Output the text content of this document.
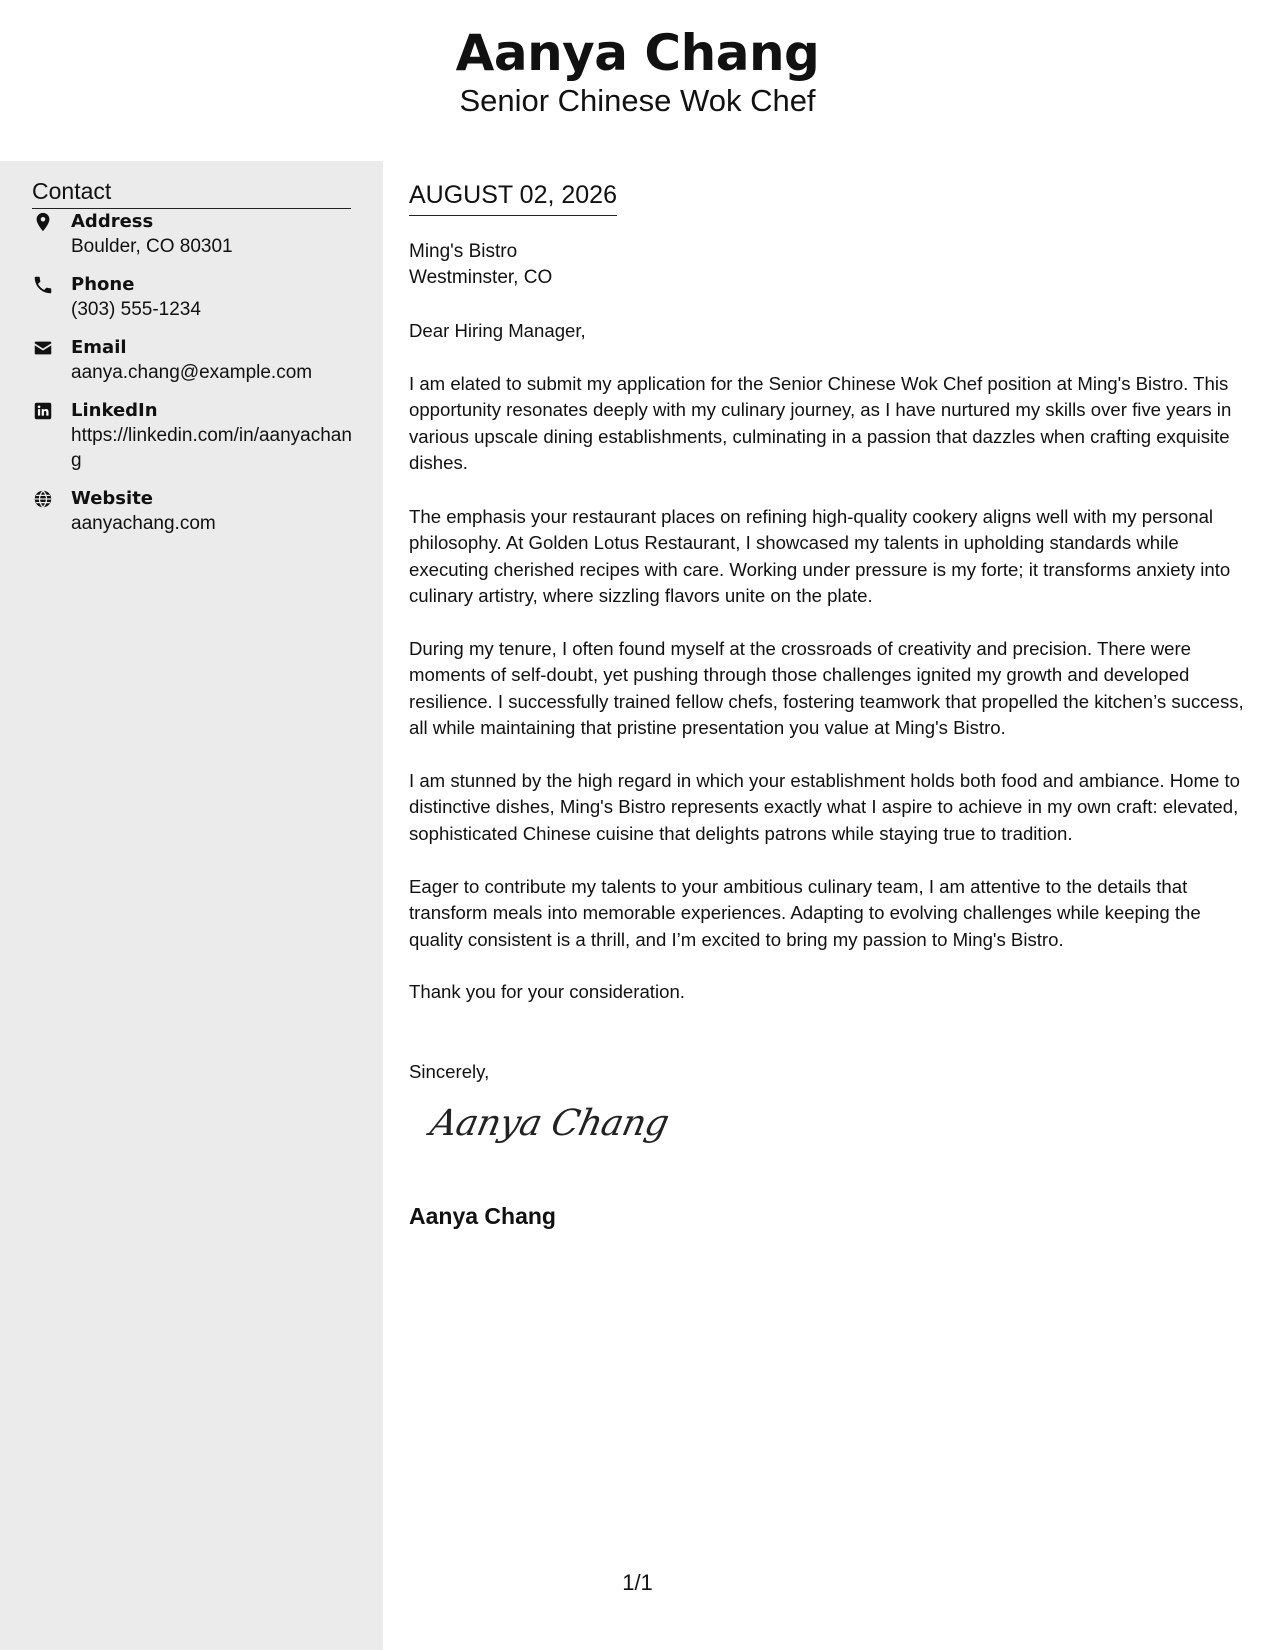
Aanya Chang
Senior Chinese Wok Chef
Contact
Address
Boulder, CO 80301
Phone
(303) 555-1234
Email
aanya.chang@example.com
LinkedIn
https://linkedin.com/in/aanyachang
Website
aanyachang.com
AUGUST 02, 2026
Ming's Bistro
Westminster, CO

Dear Hiring Manager,

I am elated to submit my application for the Senior Chinese Wok Chef position at Ming's Bistro. This opportunity resonates deeply with my culinary journey, as I have nurtured my skills over five years in various upscale dining establishments, culminating in a passion that dazzles when crafting exquisite dishes.

The emphasis your restaurant places on refining high-quality cookery aligns well with my personal philosophy. At Golden Lotus Restaurant, I showcased my talents in upholding standards while executing cherished recipes with care. Working under pressure is my forte; it transforms anxiety into culinary artistry, where sizzling flavors unite on the plate.

During my tenure, I often found myself at the crossroads of creativity and precision. There were moments of self-doubt, yet pushing through those challenges ignited my growth and developed resilience. I successfully trained fellow chefs, fostering teamwork that propelled the kitchen’s success, all while maintaining that pristine presentation you value at Ming's Bistro.

I am stunned by the high regard in which your establishment holds both food and ambiance. Home to distinctive dishes, Ming's Bistro represents exactly what I aspire to achieve in my own craft: elevated, sophisticated Chinese cuisine that delights patrons while staying true to tradition.

Eager to contribute my talents to your ambitious culinary team, I am attentive to the details that transform meals into memorable experiences. Adapting to evolving challenges while keeping the quality consistent is a thrill, and I’m excited to bring my passion to Ming's Bistro.

Thank you for your consideration.

Sincerely,

Aanya Chang
Aanya Chang
1/1
